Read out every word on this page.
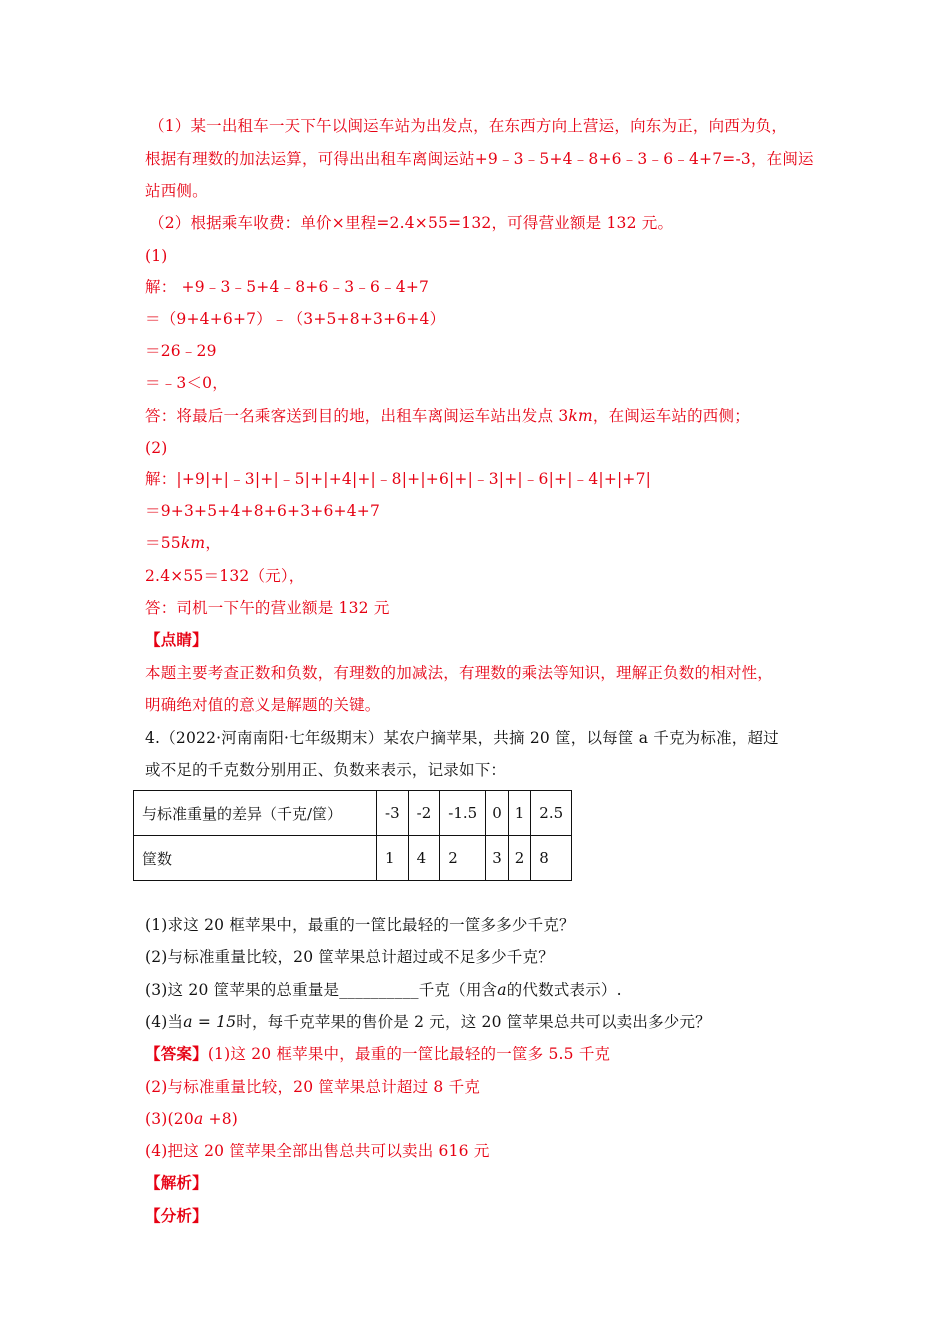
（1）某一出租车一天下午以闽运车站为出发点，在东西方向上营运，向东为正，向西为负，
根据有理数的加法运算，可得出出租车离闽运站+9﹣3﹣5+4﹣8+6﹣3﹣6﹣4+7=-3，在闽运
站西侧。
（2）根据乘车收费：单价×里程=2.4×55=132，可得营业额是 132 元。
(1)
解： +9﹣3﹣5+4﹣8+6﹣3﹣6﹣4+7
＝（9+4+6+7）﹣（3+5+8+3+6+4）
＝26﹣29
＝﹣3＜0，
答：将最后一名乘客送到目的地，出租车离闽运车站出发点 3km，在闽运车站的西侧；
(2)
解：|+9|+|﹣3|+|﹣5|+|+4|+|﹣8|+|+6|+|﹣3|+|﹣6|+|﹣4|+|+7|
＝9+3+5+4+8+6+3+6+4+7
＝55km，
2.4×55＝132（元），
答：司机一下午的营业额是 132 元
【点睛】
本题主要考查正数和负数，有理数的加减法，有理数的乘法等知识，理解正负数的相对性，
明确绝对值的意义是解题的关键。
4.（2022·河南南阳·七年级期末）某农户摘苹果，共摘 20 筐，以每筐 a 千克为标准，超过
或不足的千克数分别用正、负数来表示，记录如下：
与标准重量的差异（千克/筐）	-3	-2	-1.5	0	1	2.5
筐数	1	4	2	3	2	8
(1)求这 20 框苹果中，最重的一筐比最轻的一筐多多少千克？
(2)与标准重量比较，20 筐苹果总计超过或不足多少千克？
(3)这 20 筐苹果的总重量是__________千克（用含a的代数式表示）.
(4)当a = 15时，每千克苹果的售价是 2 元，这 20 筐苹果总共可以卖出多少元？
【答案】(1)这 20 框苹果中，最重的一筐比最轻的一筐多 5.5 千克
(2)与标准重量比较，20 筐苹果总计超过 8 千克
(3)(20a +8)
(4)把这 20 筐苹果全部出售总共可以卖出 616 元
【解析】
【分析】
